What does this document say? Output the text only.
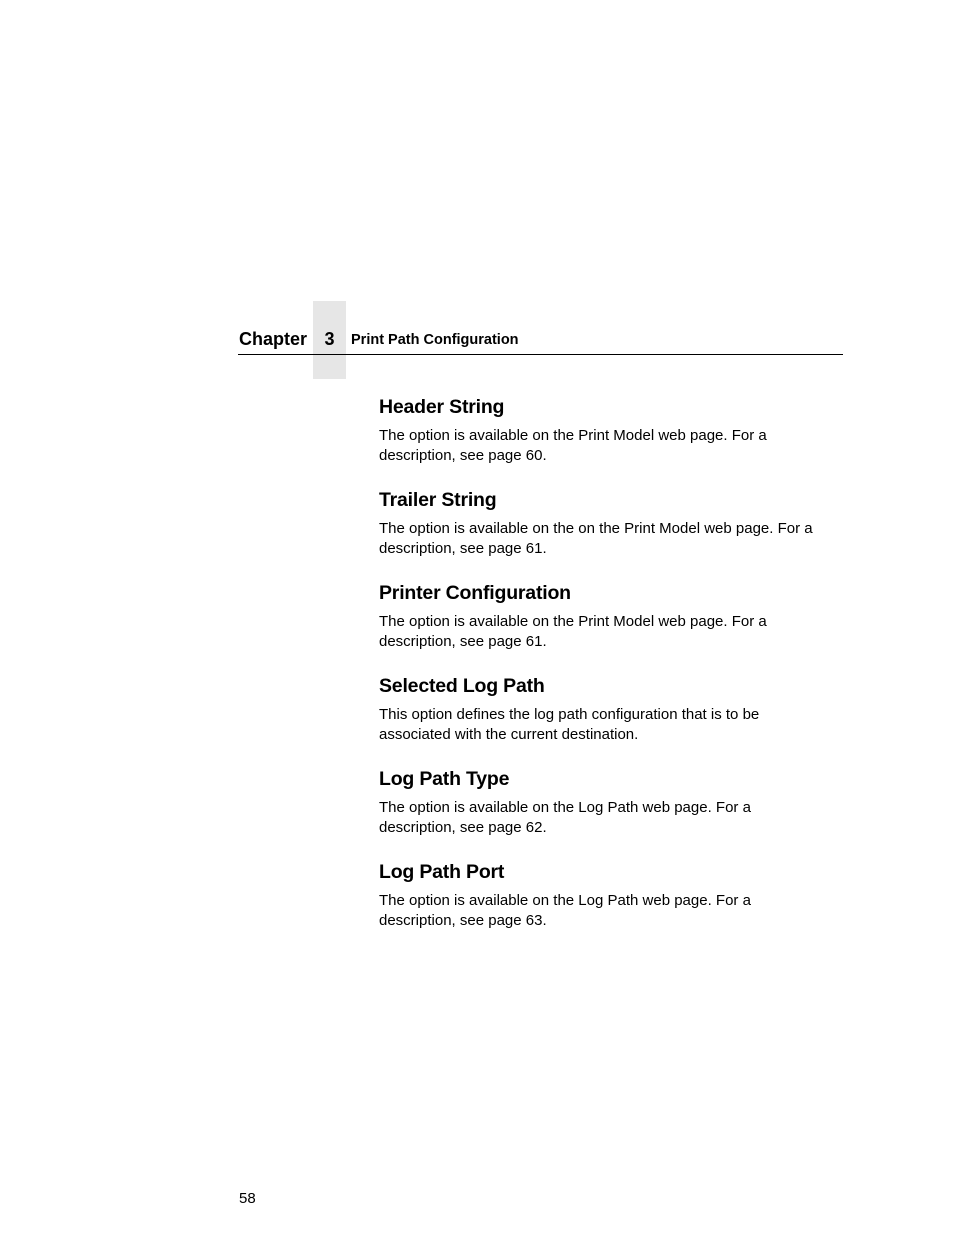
Chapter 3	Print Path Configuration
Header String

The option is available on the Print Model web page. For a
description, see page 60.

Trailer String

The option is available on the on the Print Model web page. For a
description, see page 61.

Printer Configuration

The option is available on the Print Model web page. For a
description, see page 61.

Selected Log Path

This option defines the log path configuration that is to be
associated with the current destination.

Log Path Type

The option is available on the Log Path web page. For a
description, see page 62.

Log Path Port

The option is available on the Log Path web page. For a
description, see page 63.

58
